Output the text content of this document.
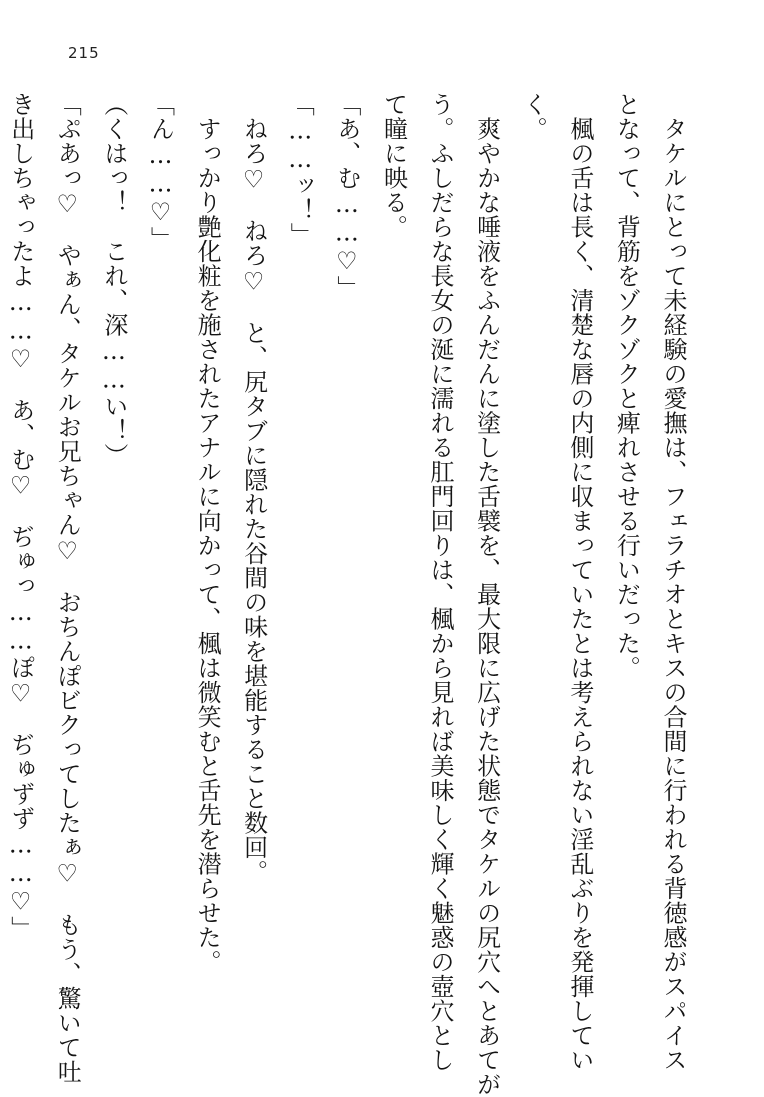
215
　タケルにとって未経験の愛撫は、フェラチオとキスの合間に行われる背徳感がスパイス
となって、背筋をゾクゾクと痺れさせる行いだった。
　楓の舌は長く、清楚な唇の内側に収まっていたとは考えられない淫乱ぶりを発揮してい
く。
　爽やかな唾液をふんだんに塗した舌襞を、最大限に広げた状態でタケルの尻穴へとあてが
う。ふしだらな長女の涎に濡れる肛門回りは、楓から見れば美味しく輝く魅惑の壺穴とし
て瞳に映る。
「あ、む……♡」
「……ッ！」
　ねろ♡　ねろ♡　と、尻タブに隠れた谷間の味を堪能すること数回。
　すっかり艶化粧を施されたアナルに向かって、楓は微笑むと舌先を潜らせた。
「ん……♡」
（くはっ！　これ、深……い！）
「ぷあっ♡　やぁん、タケルお兄ちゃん♡　おちんぽビクってしたぁ♡　もう、驚いて吐
き出しちゃったよ……♡　あ、む♡　ぢゅっ……ぽ♡　ぢゅずず……♡」
